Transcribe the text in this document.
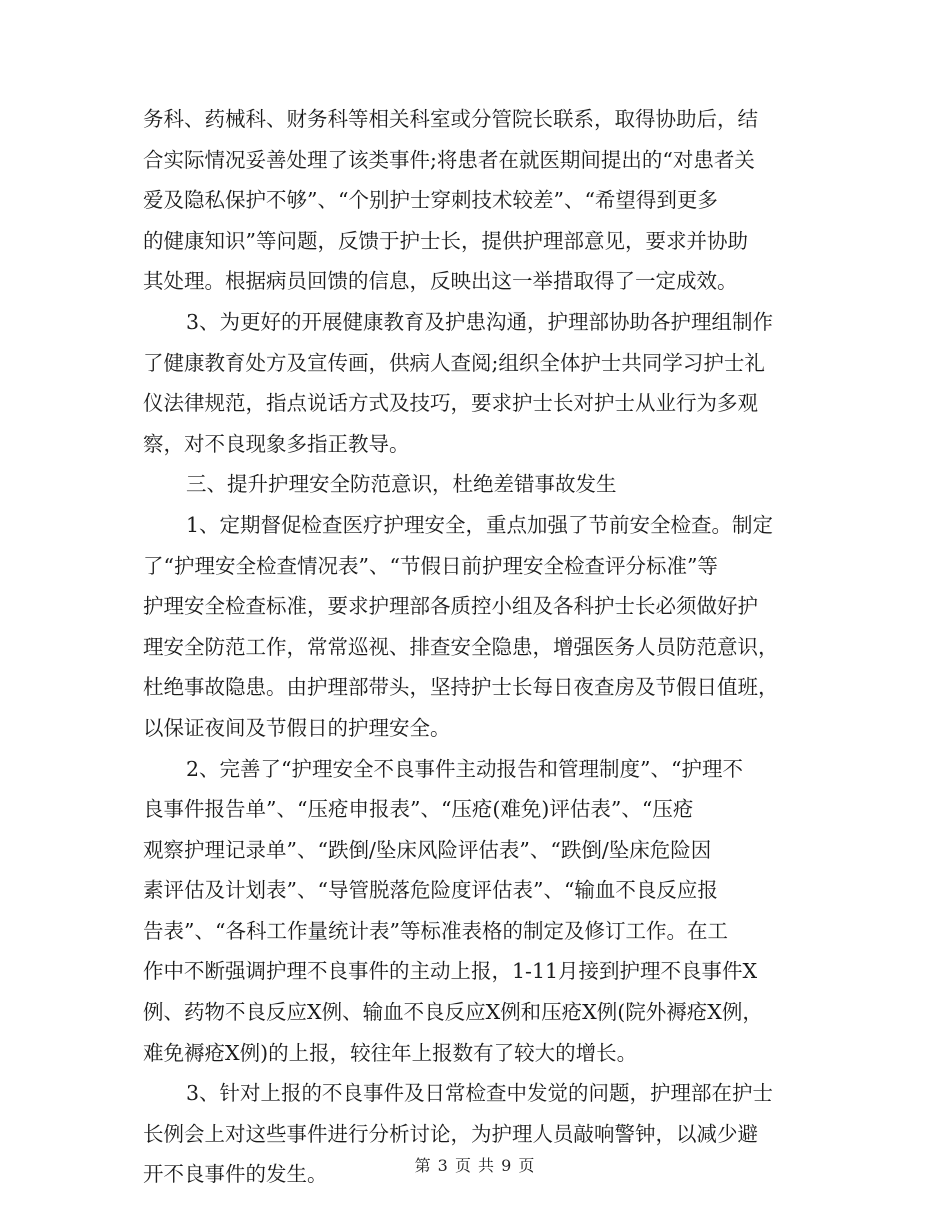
务科、药械科、财务科等相关科室或分管院长联系，取得协助后，结
合实际情况妥善处理了该类事件;将患者在就医期间提出的“对患者关
爱及隐私保护不够”、“个别护士穿刺技术较差”、“希望得到更多
的健康知识”等问题，反馈于护士长，提供护理部意见，要求并协助
其处理。根据病员回馈的信息，反映出这一举措取得了一定成效。
3、为更好的开展健康教育及护患沟通，护理部协助各护理组制作
了健康教育处方及宣传画，供病人查阅;组织全体护士共同学习护士礼
仪法律规范，指点说话方式及技巧，要求护士长对护士从业行为多观
察，对不良现象多指正教导。
三、提升护理安全防范意识，杜绝差错事故发生
1、定期督促检查医疗护理安全，重点加强了节前安全检查。制定
了“护理安全检查情况表”、“节假日前护理安全检查评分标准”等
护理安全检查标准，要求护理部各质控小组及各科护士长必须做好护
理安全防范工作，常常巡视、排查安全隐患，增强医务人员防范意识，
杜绝事故隐患。由护理部带头，坚持护士长每日夜查房及节假日值班，
以保证夜间及节假日的护理安全。
2、完善了“护理安全不良事件主动报告和管理制度”、“护理不
良事件报告单”、“压疮申报表”、“压疮(难免)评估表”、“压疮
观察护理记录单”、“跌倒/坠床风险评估表”、“跌倒/坠床危险因
素评估及计划表”、“导管脱落危险度评估表”、“输血不良反应报
告表”、“各科工作量统计表”等标准表格的制定及修订工作。在工
作中不断强调护理不良事件的主动上报，1-11月接到护理不良事件X
例、药物不良反应X例、输血不良反应X例和压疮X例(院外褥疮X例，
难免褥疮X例)的上报，较往年上报数有了较大的增长。
3、针对上报的不良事件及日常检查中发觉的问题，护理部在护士
长例会上对这些事件进行分析讨论，为护理人员敲响警钟，以减少避
开不良事件的发生。	第 3 页 共 9 页
